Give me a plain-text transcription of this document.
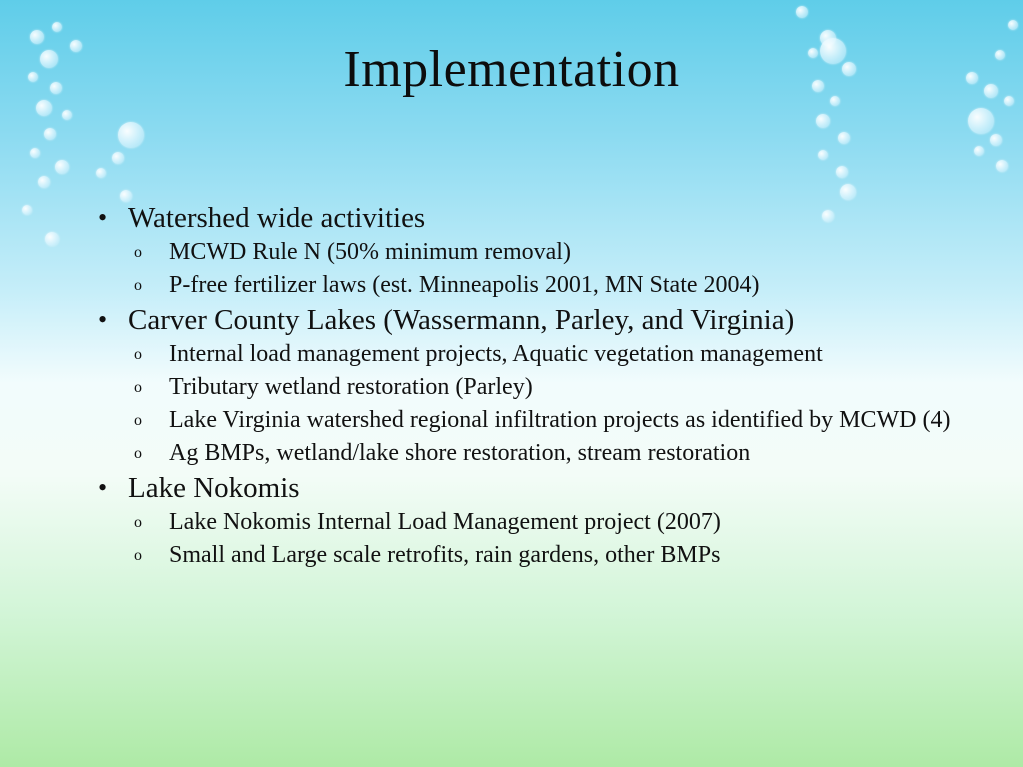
Implementation
• Watershed wide activities
o MCWD Rule N (50% minimum removal)
o P-free fertilizer laws (est. Minneapolis 2001, MN State 2004)
• Carver County Lakes (Wassermann, Parley, and Virginia)
o Internal load management projects, Aquatic vegetation management
o Tributary wetland restoration (Parley)
o Lake Virginia watershed regional infiltration projects as identified by MCWD (4)
o Ag BMPs, wetland/lake shore restoration, stream restoration
• Lake Nokomis
o Lake Nokomis Internal Load Management project (2007)
o Small and Large scale retrofits, rain gardens, other BMPs
